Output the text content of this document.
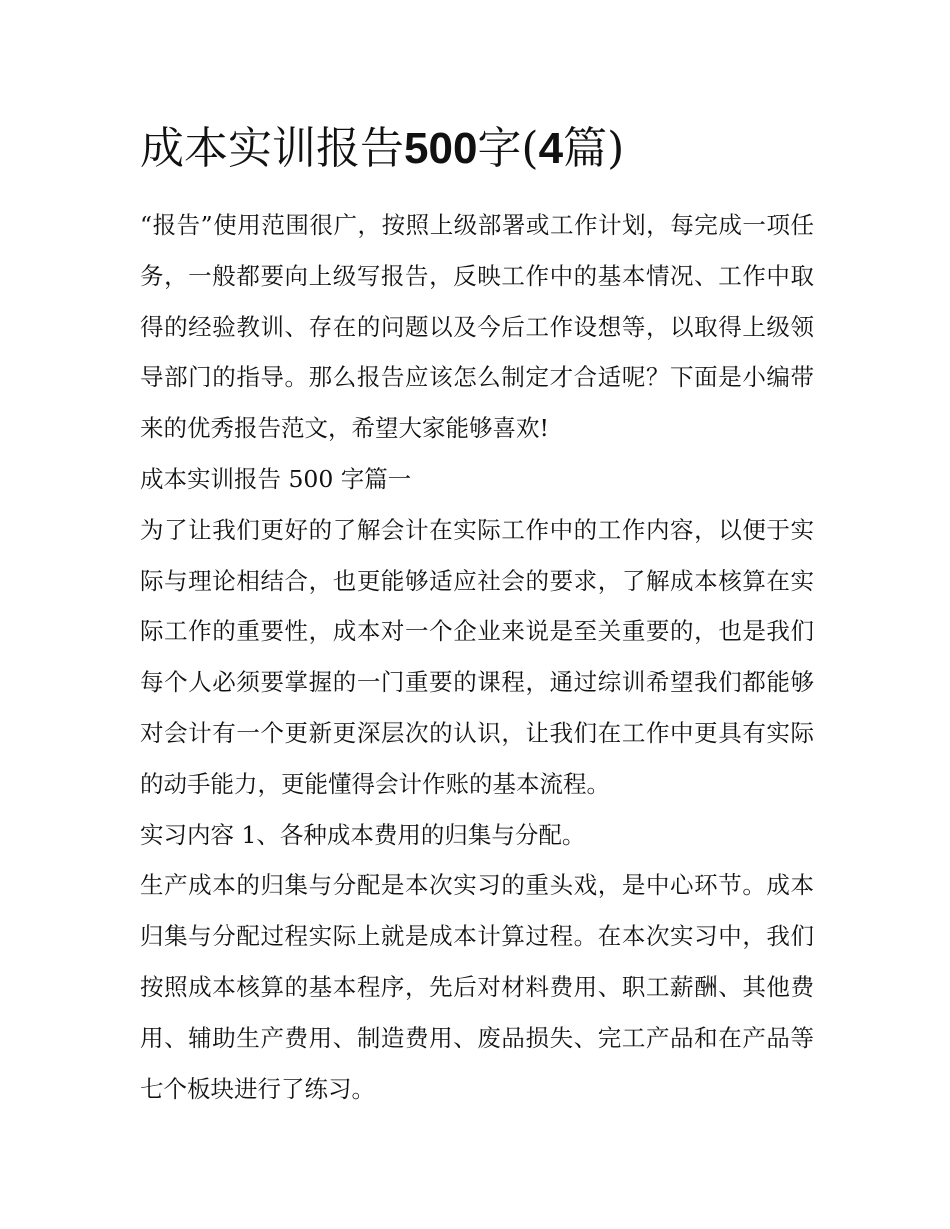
成本实训报告500字(4篇)

“报告”使用范围很广，按照上级部署或工作计划，每完成一项任务，一般都要向上级写报告，反映工作中的基本情况、工作中取得的经验教训、存在的问题以及今后工作设想等，以取得上级领导部门的指导。那么报告应该怎么制定才合适呢？下面是小编带来的优秀报告范文，希望大家能够喜欢!

成本实训报告 500 字篇一

为了让我们更好的了解会计在实际工作中的工作内容，以便于实际与理论相结合，也更能够适应社会的要求，了解成本核算在实际工作的重要性，成本对一个企业来说是至关重要的，也是我们每个人必须要掌握的一门重要的课程，通过综训希望我们都能够对会计有一个更新更深层次的认识，让我们在工作中更具有实际的动手能力，更能懂得会计作账的基本流程。

实习内容 1、各种成本费用的归集与分配。

生产成本的归集与分配是本次实习的重头戏，是中心环节。成本归集与分配过程实际上就是成本计算过程。在本次实习中，我们按照成本核算的基本程序，先后对材料费用、职工薪酬、其他费用、辅助生产费用、制造费用、废品损失、完工产品和在产品等七个板块进行了练习。
